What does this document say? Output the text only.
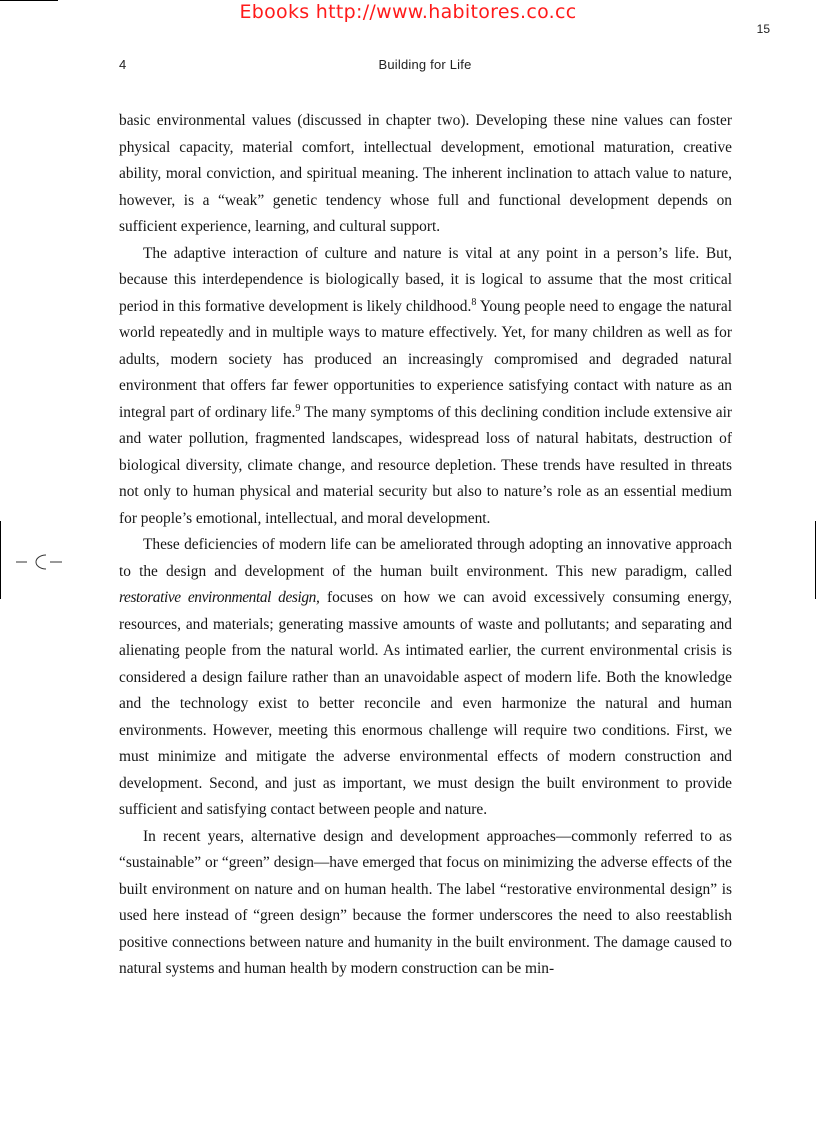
Ebooks http://www.habitores.co.cc
15
4	Building for Life

basic environmental values (discussed in chapter two). Developing these nine values can foster physical capacity, material comfort, intellectual development, emotional maturation, creative ability, moral conviction, and spiritual meaning. The inherent inclination to attach value to nature, however, is a “weak” genetic tendency whose full and functional development depends on sufficient experience, learning, and cultural support.

The adaptive interaction of culture and nature is vital at any point in a person’s life. But, because this interdependence is biologically based, it is logical to assume that the most critical period in this formative development is likely childhood.$^8$ Young people need to engage the natural world repeatedly and in multiple ways to mature effectively. Yet, for many children as well as for adults, modern society has produced an increasingly compromised and degraded natural environment that offers far fewer opportunities to experience satisfying contact with nature as an integral part of ordinary life.$^9$ The many symptoms of this declining condition include extensive air and water pollution, fragmented landscapes, widespread loss of natural habitats, destruction of biological diversity, climate change, and resource depletion. These trends have resulted in threats not only to human physical and material security but also to nature’s role as an essential medium for people’s emotional, intellectual, and moral development.

These deficiencies of modern life can be ameliorated through adopting an innovative approach to the design and development of the human built environment. This new paradigm, called restorative environmental design, focuses on how we can avoid excessively consuming energy, resources, and materials; generating massive amounts of waste and pollutants; and separating and alienating people from the natural world. As intimated earlier, the current environmental crisis is considered a design failure rather than an unavoidable aspect of modern life. Both the knowledge and the technology exist to better reconcile and even harmonize the natural and human environments. However, meeting this enormous challenge will require two conditions. First, we must minimize and mitigate the adverse environmental effects of modern construction and development. Second, and just as important, we must design the built environment to provide sufficient and satisfying contact between people and nature.

In recent years, alternative design and development approaches—commonly referred to as “sustainable” or “green” design—have emerged that focus on minimizing the adverse effects of the built environment on nature and on human health. The label “restorative environmental design” is used here instead of “green design” because the former underscores the need to also reestablish positive connections between nature and humanity in the built environment. The damage caused to natural systems and human health by modern construction can be min-
